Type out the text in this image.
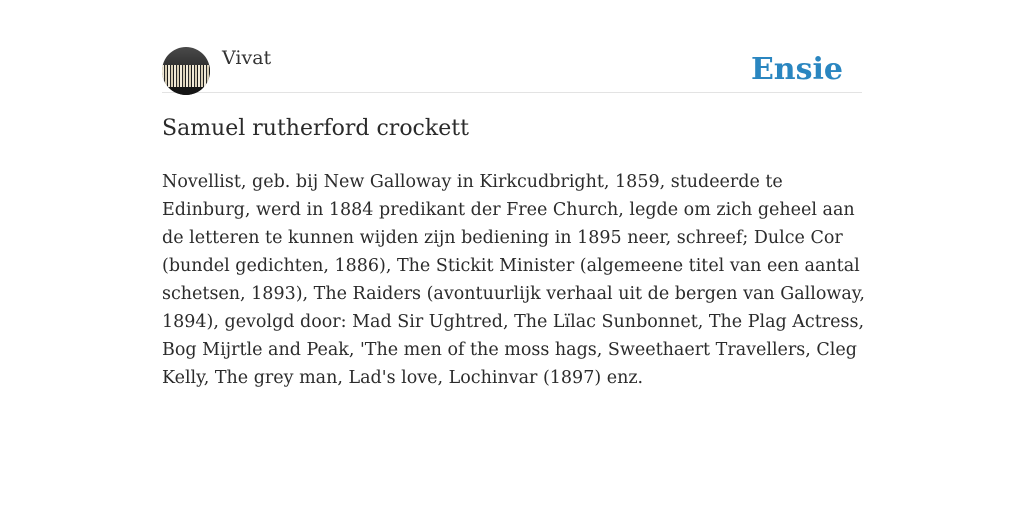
Vivat	Ensie
Samuel rutherford crockett

Novellist, geb. bij New Galloway in Kirkcudbright, 1859, studeerde te Edinburg, werd in 1884 predikant der Free Church, legde om zich geheel aan de letteren te kunnen wijden zijn bediening in 1895 neer, schreef; Dulce Cor (bundel gedichten, 1886), The Stickit Minister (algemeene titel van een aantal schetsen, 1893), The Raiders (avontuurlijk verhaal uit de bergen van Galloway, 1894), gevolgd door: Mad Sir Ughtred, The Lïlac Sunbonnet, The Plag Actress, Bog Mijrtle and Peak, 'The men of the moss hags, Sweethaert Travellers, Cleg Kelly, The grey man, Lad's love, Lochinvar (1897) enz.
